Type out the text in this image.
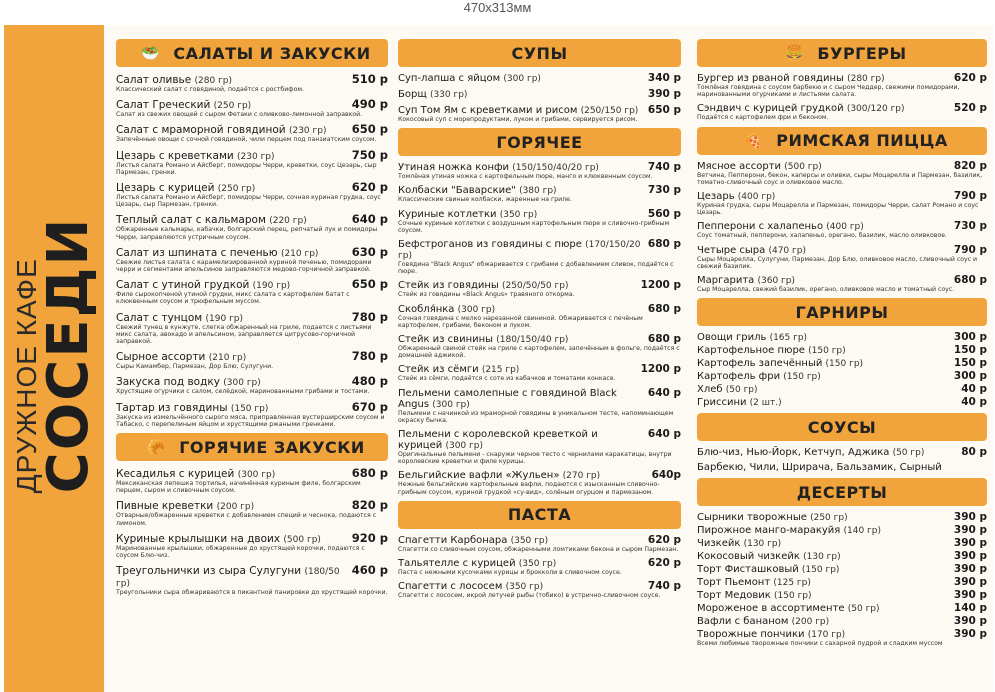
470x313мм
ДРУЖНОЕ КАФЕ
СОСЕДИ
🥗 САЛАТЫ И ЗАКУСКИ
Салат оливье (280 гр)	510 р
Классический салат с говядиной, подаётся с ростбифом.
Салат Греческий (250 гр)	490 р
Салат из свежих овощей с сыром Фетаки с оливково-лимонной заправкой.
Салат с мраморной говядиной (230 гр) 650 р
Запечённые овощи с сочной говядиной, чили перцем под панзиатским соусом.
Цезарь с креветками (230 гр)	750 р
Листья салата Романо и Айсберг, помидоры Черри, креветки, соус Цезарь, сыр Пармезан, гренки.
Цезарь с курицей (250 гр)	620 р
Листья салата Романо и Айсберг, помидоры Черри, сочная куриная грудка, соус Цезарь, сыр Пармезан, гренки.
Теплый салат с кальмаром (220 гр)	640 р
Обжаренные кальмары, кабачки, болгарский перец, репчатый лук и помидоры Черри, заправляются устричным соусом.
Салат из шпината с печенью (210 гр)	630 р
Свежие листья салата с карамелизированной куриной печенью, помидорами черри и сегментами апельсинов заправляются медово-горчичной заправкой.
Салат с утиной грудкой (190 гр)	650 р
Филе сырокопченой утиной грудки, микс салата с картофелем батат с клюквенным соусом и трюфельным муссом.
Салат с тунцом (190 гр)	780 р
Свежий тунец в кунжуте, слегка обжаренный на гриле, подается с листьями микс салата, авокадо и апельсином, заправляется цитрусово-горчичной заправкой.
Сырное ассорти (210 гр)	780 р
Сыры Камамбер, Пармезан, Дор Блю, Сулугуни.
Закуска под водку (300 гр)	480 р
Хрустящие огурчики с салом, селёдкой, маринованными грибами и тостами.
Тартар из говядины (150 гр)	670 р
Закуска из измельчённого сырого мяса, приправленная вустерширским соусом и Табаско, с перепелиным яйцом и хрустящими ржаными гренками.
🥐 ГОРЯЧИЕ ЗАКУСКИ
Кесадилья с курицей (300 гр)	680 р
Мексиканская лепешка тортилья, начинённая куриным филе, болгарским перцем, сыром и сливочным соусом.
Пивные креветки (200 гр)	820 р
Отварные/обжаренные креветки с добавлением специй и чеснока, подаются с лимоном.
Куриные крылышки на двоих (500 гр)	920 р
Маринованные крылышки, обжаренные до хрустящей корочки, подаются с соусом Блю-чиз.
Треугольнички из сыра Сулугуни (180/50 гр)
460 р
Треугольники сыра обжариваются в пикантной панировке до хрустящей корочки.
СУПЫ
Суп-лапша с яйцом (300 гр)	340 р
Борщ (330 гр)	390 р
Суп Том Ям с креветками и рисом (250/150 гр) 650 р
Кокосовый суп с морепродуктами, луком и грибами, сервируется рисом.
ГОРЯЧЕЕ
Утиная ножка конфи (150/150/40/20 гр)	740 р
Томлёная утиная ножка с картофельным пюре, манго и клюквенным соусом.
Колбаски "Баварские" (380 гр)	730 р
Классические свиные колбаски, жаренные на гриле.
Куриные котлетки (350 гр)	560 р
Сочные куриные котлетки с воздушным картофельным пюре и сливочно-грибным соусом.
Бефстроганов из говядины с пюре (170/150/20 гр)
680 р
Говядина "Black Angus" обжаривается с грибами с добавлением сливок, подаётся с пюре.
Стейк из говядины (250/50/50 гр)	1200 р
Стейк из говядины «Black Angus» травяного откорма.
Скобля́нка (300 гр)	680 р
Сочная говядина с мелко нарезанной свининой. Обжаривается с печёным картофелем, грибами, беконом и луком.
Стейк из свинины (180/150/40 гр)	680 р
Обжаренный свиной стейк на гриле с картофелем, запечённым в фольге, подаётся с домашней аджикой.
Стейк из сёмги (215 гр)	1200 р
Стейк из сёмги, подаётся с соте из кабачков и томатами конкасе.
Пельмени самолепные с говядиной Black Angus (300 гр)
640 р
Пельмени с начинкой из мраморной говядины в уникальном тесте, напоминающем окраску бычка.
Пельмени с королевской креветкой и курицей (300 гр)
640 р
Оригинальные пельмени - снаружи черное тесто с чернилами каракатицы, внутри королевские креветки и филе курицы.
Бельгийские вафли «Жульен» (270 гр)	640р
Нежные бельгийские картофельные вафли, подаются с изысканным сливочно-грибным соусом, куриной грудкой «су-вид», солёным огурцом и пармезаном.
ПАСТА
Спагетти Карбонара (350 гр)	620 р
Спагетти со сливочным соусом, обжаренными ломтиками бекона и сыром Пармезан.
Тальятелле с курицей (350 гр)	620 р
Паста с нежными кусочками курицы и брокколи в сливочном соусе.
Спагетти с лососем (350 гр)	740 р
Спагетти с лососем, икрой летучей рыбы (тобико) в устрично-сливочном соусе.
🍔 БУРГЕРЫ
Бургер из рваной говядины (280 гр)	620 р
Томлёная говядина с соусом барбекю и с сыром Чеддер, свежими помидорами, маринованными огурчиками и листьями салата.
Сэндвич с курицей грудкой (300/120 гр)	520 р
Подаётся с картофелем фри и беконом.
🍕 РИМСКАЯ ПИЦЦА
Мясное ассорти (500 гр)	820 р
Ветчина, Пепперони, бекон, каперсы и оливки, сыры Моцарелла и Пармезан, базилик, томатно-сливочный соус и оливковое масло.
Цезарь (400 гр)	790 р
Куриная грудка, сыры Моцарелла и Пармезан, помидоры Черри, салат Романо и соус Цезарь.
Пепперони с халапеньо (400 гр)	730 р
Соус томатный, пепперони, халапеньо, орегано, базилик, масло оливковое.
Четыре сыра (470 гр)	790 р
Сыры Моцарелла, Сулугуни, Пармезан, Дор Блю, оливковое масло, сливочный соус и свежий базилик.
Маргарита (360 гр)	680 р
Сыр Моцарелла, свежий базилик, орегано, оливковое масло и томатный соус.
ГАРНИРЫ
Овощи гриль (165 гр)	300 р
Картофельное пюре (150 гр)	150 р
Картофель запечённый (150 гр)	150 р
Картофель фри (150 гр)	300 р
Хлеб (50 гр)	40 р
Гриссини (2 шт.)	40 р
СОУСЫ
Блю-чиз, Нью-Йорк, Кетчуп, Аджика (50 гр)	80 р
Барбекю, Чили, Шрирача, Бальзамик, Сырный
ДЕСЕРТЫ
Сырники творожные (250 гр)	390 р
Пирожное манго-маракуйя (140 гр)	390 р
Чизкейк (130 гр)	390 р
Кокосовый чизкейк (130 гр)	390 р
Торт Фисташковый (150 гр)	390 р
Торт Пьемонт (125 гр)	390 р
Торт Медовик (150 гр)	390 р
Мороженое в ассортименте (50 гр)	140 р
Вафли с бананом (200 гр)	390 р
Творожные пончики (170 гр)	390 р
Всеми любимые творожные пончики с сахарной пудрой и сладким муссом
